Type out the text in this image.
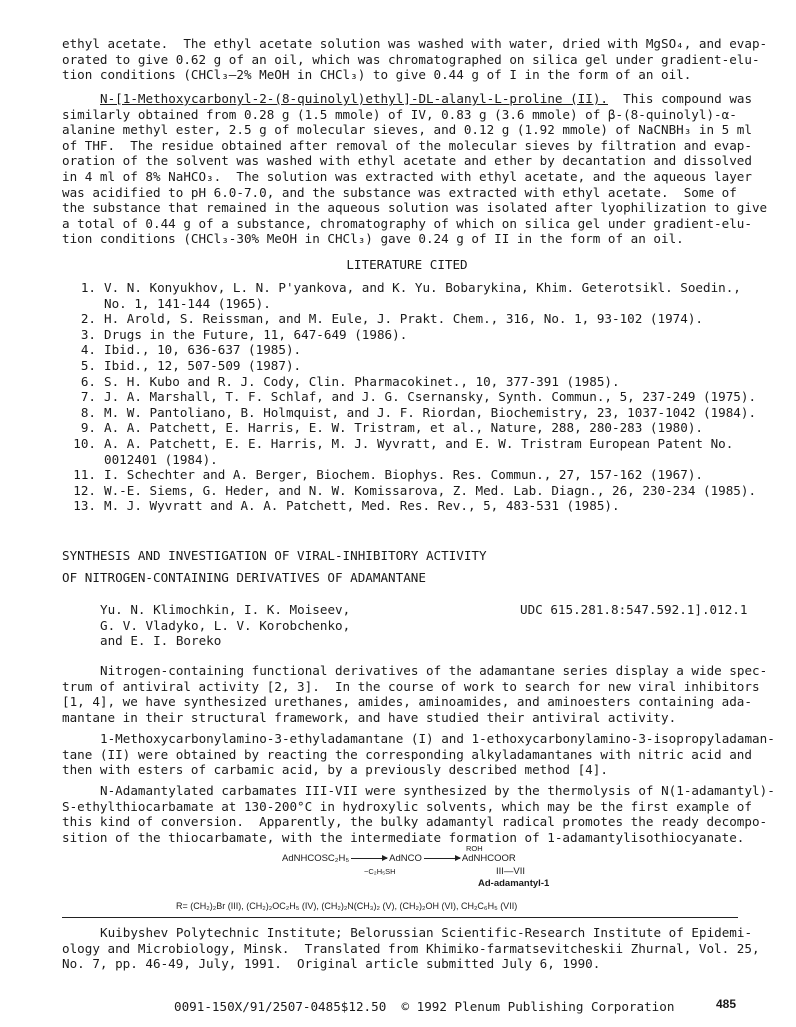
ethyl acetate.  The ethyl acetate solution was washed with water, dried with MgSO₄, and evap-
orated to give 0.62 g of an oil, which was chromatographed on silica gel under gradient-elu-
tion conditions (CHCl₃–2% MeOH in CHCl₃) to give 0.44 g of I in the form of an oil.
N-[1-Methoxycarbonyl-2-(8-quinolyl)ethyl]-DL-alanyl-L-proline (II).  This compound was
similarly obtained from 0.28 g (1.5 mmole) of IV, 0.83 g (3.6 mmole) of β-(8-quinolyl)-α-
alanine methyl ester, 2.5 g of molecular sieves, and 0.12 g (1.92 mmole) of NaCNBH₃ in 5 ml
of THF.  The residue obtained after removal of the molecular sieves by filtration and evap-
oration of the solvent was washed with ethyl acetate and ether by decantation and dissolved
in 4 ml of 8% NaHCO₃.  The solution was extracted with ethyl acetate, and the aqueous layer
was acidified to pH 6.0-7.0, and the substance was extracted with ethyl acetate.  Some of
the substance that remained in the aqueous solution was isolated after lyophilization to give
a total of 0.44 g of a substance, chromatography of which on silica gel under gradient-elu-
tion conditions (CHCl₃-30% MeOH in CHCl₃) gave 0.24 g of II in the form of an oil.
LITERATURE CITED
1. V. N. Konyukhov, L. N. P'yankova, and K. Yu. Bobarykina, Khim. Geterotsikl. Soedin.,
No. 1, 141-144 (1965).
2. H. Arold, S. Reissman, and M. Eule, J. Prakt. Chem., 316, No. 1, 93-102 (1974).
3. Drugs in the Future, 11, 647-649 (1986).
4. Ibid., 10, 636-637 (1985).
5. Ibid., 12, 507-509 (1987).
6. S. H. Kubo and R. J. Cody, Clin. Pharmacokinet., 10, 377-391 (1985).
7. J. A. Marshall, T. F. Schlaf, and J. G. Csernansky, Synth. Commun., 5, 237-249 (1975).
8. M. W. Pantoliano, B. Holmquist, and J. F. Riordan, Biochemistry, 23, 1037-1042 (1984).
9. A. A. Patchett, E. Harris, E. W. Tristram, et al., Nature, 288, 280-283 (1980).
10. A. A. Patchett, E. E. Harris, M. J. Wyvratt, and E. W. Tristram European Patent No.
0012401 (1984).
11. I. Schechter and A. Berger, Biochem. Biophys. Res. Commun., 27, 157-162 (1967).
12. W.-E. Siems, G. Heder, and N. W. Komissarova, Z. Med. Lab. Diagn., 26, 230-234 (1985).
13. M. J. Wyvratt and A. A. Patchett, Med. Res. Rev., 5, 483-531 (1985).
SYNTHESIS AND INVESTIGATION OF VIRAL-INHIBITORY ACTIVITY
OF NITROGEN-CONTAINING DERIVATIVES OF ADAMANTANE
Yu. N. Klimochkin, I. K. Moiseev,
G. V. Vladyko, L. V. Korobchenko,
and E. I. Boreko
UDC 615.281.8:547.592.1].012.1
Nitrogen-containing functional derivatives of the adamantane series display a wide spec-
trum of antiviral activity [2, 3].  In the course of work to search for new viral inhibitors
[1, 4], we have synthesized urethanes, amides, aminoamides, and aminoesters containing ada-
mantane in their structural framework, and have studied their antiviral activity.
1-Methoxycarbonylamino-3-ethyladamantane (I) and 1-ethoxycarbonylamino-3-isopropyladaman-
tane (II) were obtained by reacting the corresponding alkyladamantanes with nitric acid and
then with esters of carbamic acid, by a previously described method [4].
N-Adamantylated carbamates III-VII were synthesized by the thermolysis of N(1-adamantyl)-
S-ethylthiocarbamate at 130-200°C in hydroxylic solvents, which may be the first example of
this kind of conversion.  Apparently, the bulky adamantyl radical promotes the ready decompo-
sition of the thiocarbamate, with the intermediate formation of 1-adamantylisothiocyanate.
AdNHCOSC₂H₅ → AdNCO → AdNHCOOR
−C₂H₅SH
ROH
III—VII
Ad-adamantyl-1
R= (CH₂)₂Br (III), (CH₂)₂OC₂H₅ (IV), (CH₂)₂N(CH₃)₂ (V), (CH₂)₂OH (VI), CH₂C₆H₅ (VII)
Kuibyshev Polytechnic Institute; Belorussian Scientific-Research Institute of Epidemi-
ology and Microbiology, Minsk.  Translated from Khimiko-farmatsevitcheskii Zhurnal, Vol. 25,
No. 7, pp. 46-49, July, 1991.  Original article submitted July 6, 1990.
0091-150X/91/2507-0485$12.50  © 1992 Plenum Publishing Corporation	485
